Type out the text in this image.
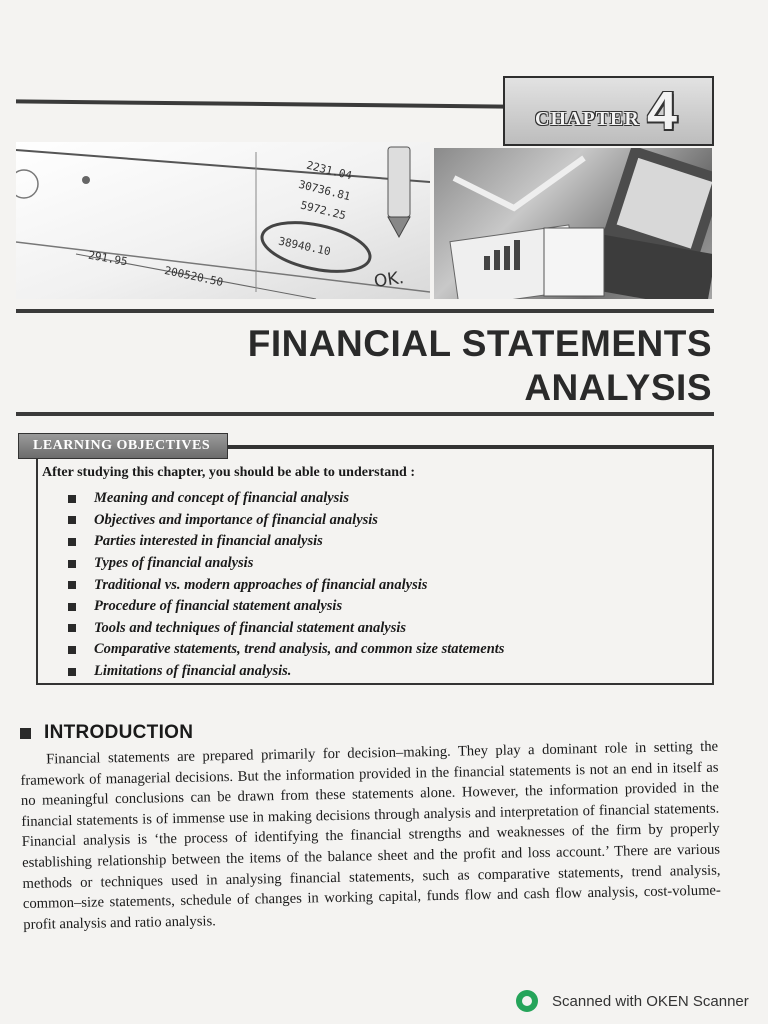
CHAPTER 4
2231.04
30736.81
5972.25
38940.10
291.95
200520.50	OK.
FINANCIAL STATEMENTS
ANALYSIS
LEARNING OBJECTIVES
After studying this chapter, you should be able to understand :
Meaning and concept of financial analysis
Objectives and importance of financial analysis
Parties interested in financial analysis
Types of financial analysis
Traditional vs. modern approaches of financial analysis
Procedure of financial statement analysis
Tools and techniques of financial statement analysis
Comparative statements, trend analysis, and common size statements
Limitations of financial analysis.
INTRODUCTION

Financial statements are prepared primarily for decision–making. They play a dominant role in setting the framework of managerial decisions. But the information provided in the financial statements is not an end in itself as no meaningful conclusions can be drawn from these statements alone. However, the information provided in the financial statements is of immense use in making decisions through analysis and interpretation of financial statements. Financial analysis is ‘the process of identifying the financial strengths and weaknesses of the firm by properly establishing relationship between the items of the balance sheet and the profit and loss account.’ There are various methods or techniques used in analysing financial statements, such as comparative statements, trend analysis, common–size statements, schedule of changes in working capital, funds flow and cash flow analysis, cost-volume-profit analysis and ratio analysis.

Scanned with OKEN Scanner
